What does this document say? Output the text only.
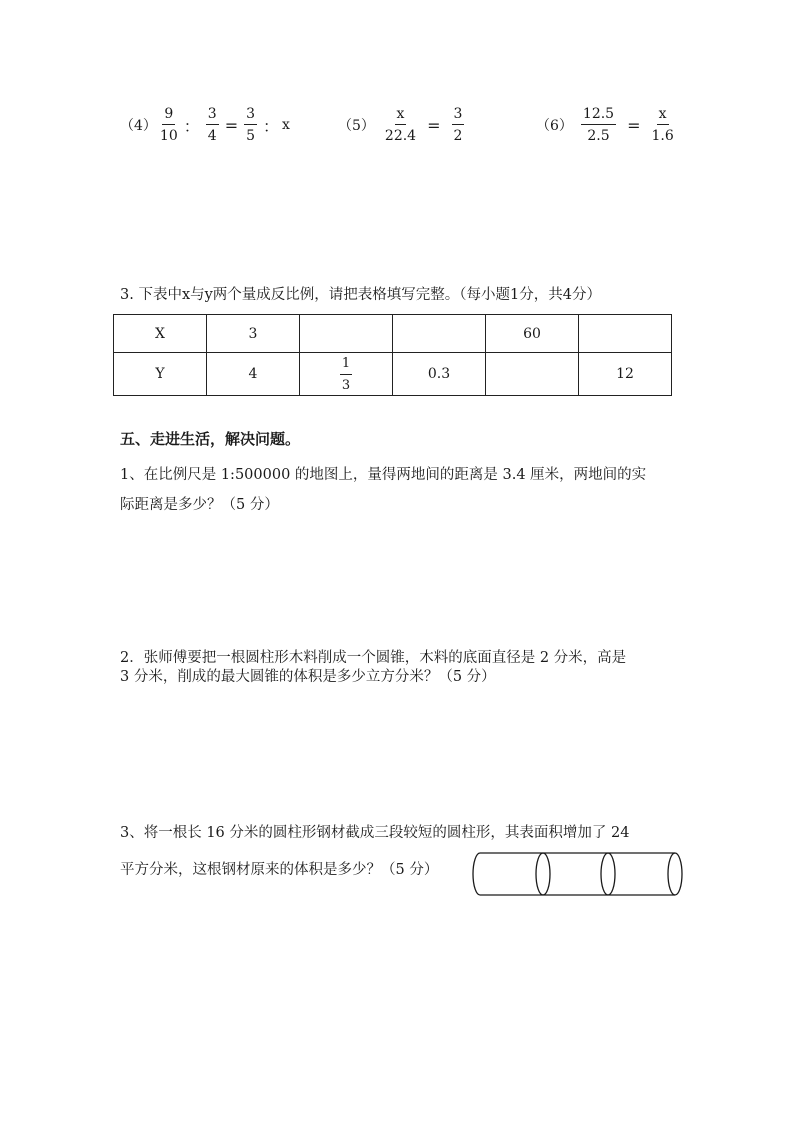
$(4) \frac{9}{10}$ ： $\frac{3}{4} = \frac{3}{5}$ ： x	$(5) \frac{x}{22.4} = \frac{3}{2}$	$(6) \frac{12.5}{2.5} = \frac{x}{1.6}$
3. 下表中x与y两个量成反比例，请把表格填写完整。（每小题1分，共4分）
X	3			60	
Y	4	$\frac{1}{3}$	0.3		12
五、走进生活，解决问题。
1、在比例尺是 1:500000 的地图上，量得两地间的距离是 3.4 厘米，两地间的实
际距离是多少？（5 分）
2．张师傅要把一根圆柱形木料削成一个圆锥，木料的底面直径是 2 分米，高是
3 分米，削成的最大圆锥的体积是多少立方分米？（5 分）
3、将一根长 16 分米的圆柱形钢材截成三段较短的圆柱形，其表面积增加了 24
平方分米，这根钢材原来的体积是多少？（5 分）
